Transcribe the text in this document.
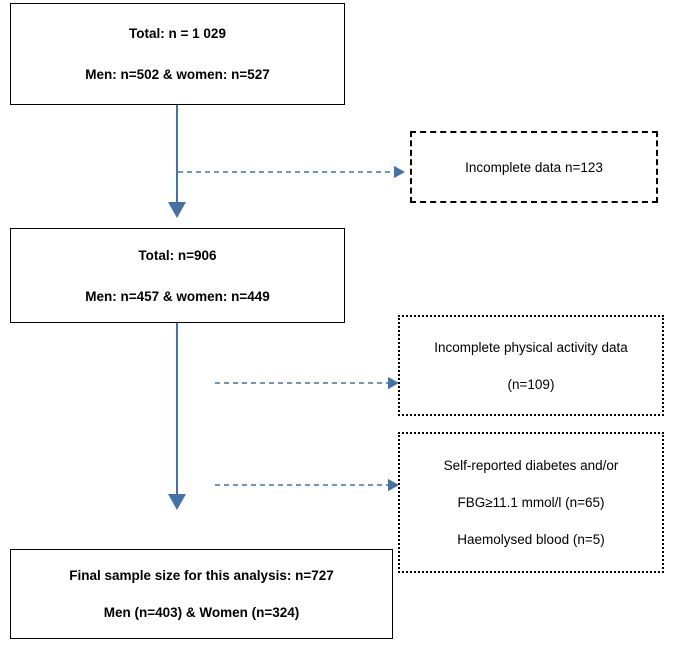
Total: n = 1 029
Men: n=502 & women: n=527
Incomplete data n=123
Total: n=906
Men: n=457 & women: n=449
Incomplete physical activity data
(n=109)
Self-reported diabetes and/or
FBG≥11.1 mmol/l (n=65)
Haemolysed blood (n=5)
Final sample size for this analysis: n=727
Men (n=403) & Women (n=324)
